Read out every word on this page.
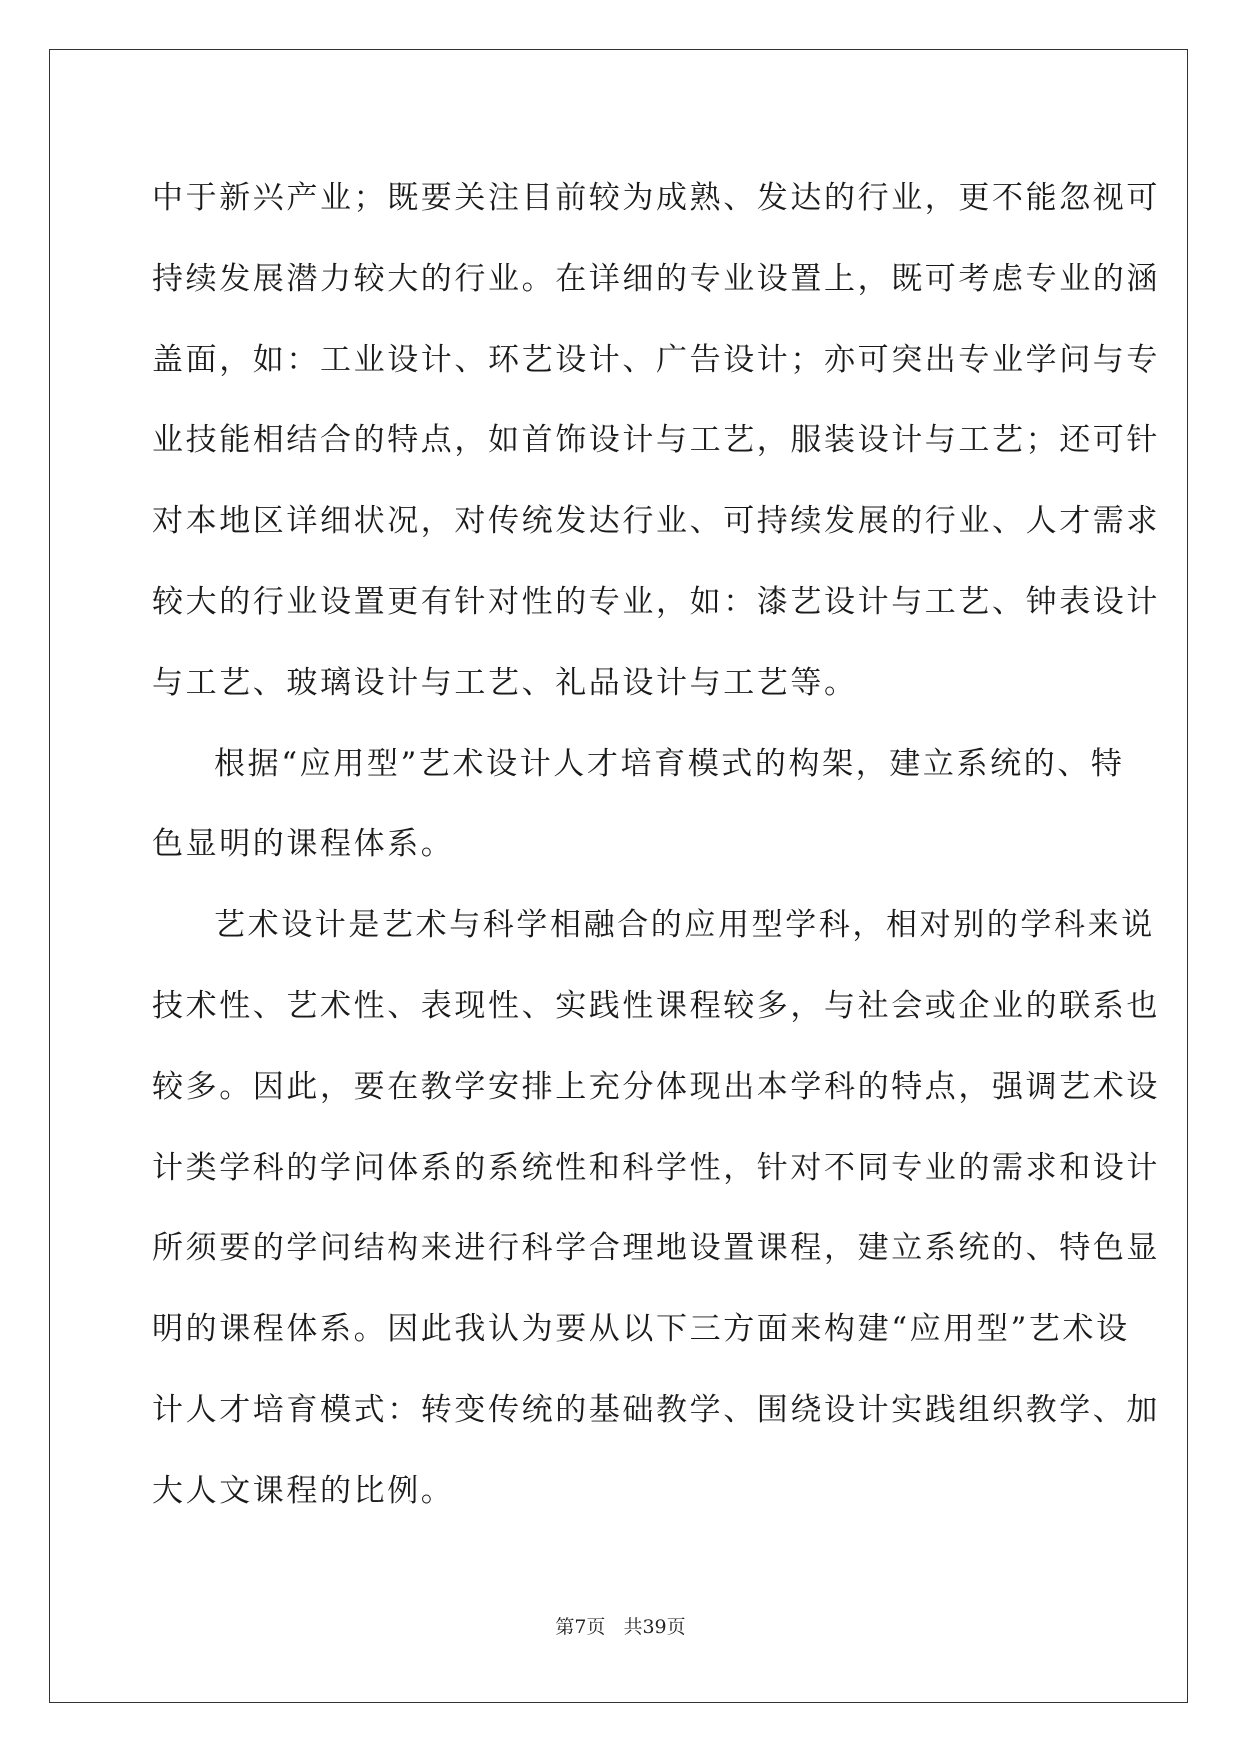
中于新兴产业；既要关注目前较为成熟、发达的行业，更不能忽视可
持续发展潜力较大的行业。在详细的专业设置上，既可考虑专业的涵
盖面，如：工业设计、环艺设计、广告设计；亦可突出专业学问与专
业技能相结合的特点，如首饰设计与工艺，服装设计与工艺；还可针
对本地区详细状况，对传统发达行业、可持续发展的行业、人才需求
较大的行业设置更有针对性的专业，如：漆艺设计与工艺、钟表设计
与工艺、玻璃设计与工艺、礼品设计与工艺等。
根据“应用型”艺术设计人才培育模式的构架，建立系统的、特
色显明的课程体系。
艺术设计是艺术与科学相融合的应用型学科，相对别的学科来说
技术性、艺术性、表现性、实践性课程较多，与社会或企业的联系也
较多。因此，要在教学安排上充分体现出本学科的特点，强调艺术设
计类学科的学问体系的系统性和科学性，针对不同专业的需求和设计
所须要的学问结构来进行科学合理地设置课程，建立系统的、特色显
明的课程体系。因此我认为要从以下三方面来构建“应用型”艺术设
计人才培育模式：转变传统的基础教学、围绕设计实践组织教学、加
大人文课程的比例。
第7页 共39页
